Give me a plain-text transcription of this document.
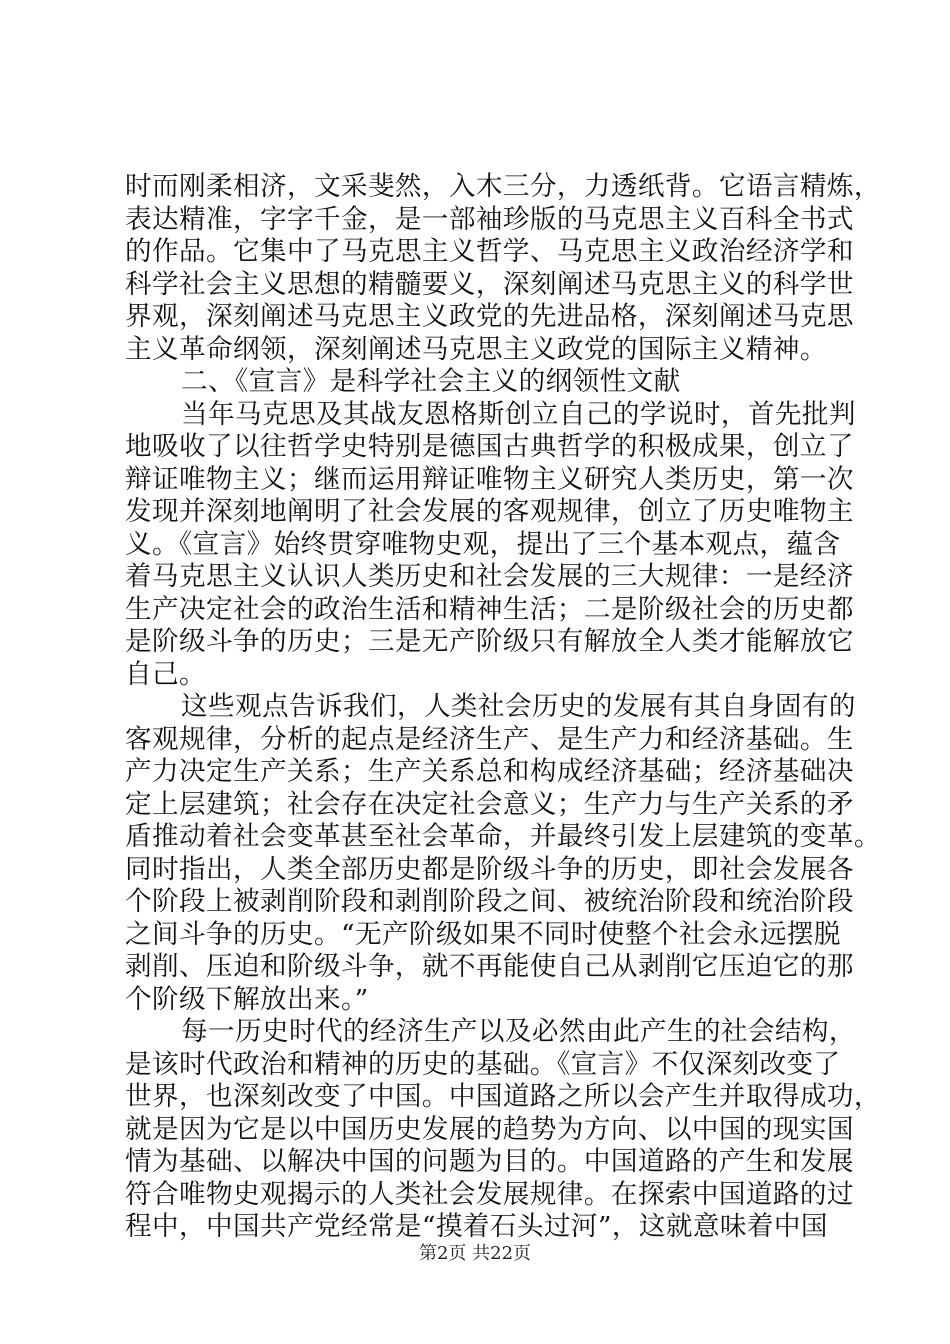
时而刚柔相济，文采斐然，入木三分，力透纸背。它语言精炼，
表达精准，字字千金，是一部袖珍版的马克思主义百科全书式
的作品。它集中了马克思主义哲学、马克思主义政治经济学和
科学社会主义思想的精髓要义，深刻阐述马克思主义的科学世
界观，深刻阐述马克思主义政党的先进品格，深刻阐述马克思
主义革命纲领，深刻阐述马克思主义政党的国际主义精神。
二、《宣言》是科学社会主义的纲领性文献
当年马克思及其战友恩格斯创立自己的学说时，首先批判
地吸收了以往哲学史特别是德国古典哲学的积极成果，创立了
辩证唯物主义；继而运用辩证唯物主义研究人类历史，第一次
发现并深刻地阐明了社会发展的客观规律，创立了历史唯物主
义。《宣言》始终贯穿唯物史观，提出了三个基本观点，蕴含
着马克思主义认识人类历史和社会发展的三大规律：一是经济
生产决定社会的政治生活和精神生活；二是阶级社会的历史都
是阶级斗争的历史；三是无产阶级只有解放全人类才能解放它
自己。
这些观点告诉我们，人类社会历史的发展有其自身固有的
客观规律，分析的起点是经济生产、是生产力和经济基础。生
产力决定生产关系；生产关系总和构成经济基础；经济基础决
定上层建筑；社会存在决定社会意义；生产力与生产关系的矛
盾推动着社会变革甚至社会革命，并最终引发上层建筑的变革。
同时指出，人类全部历史都是阶级斗争的历史，即社会发展各
个阶段上被剥削阶段和剥削阶段之间、被统治阶段和统治阶段
之间斗争的历史。“无产阶级如果不同时使整个社会永远摆脱
剥削、压迫和阶级斗争，就不再能使自己从剥削它压迫它的那
个阶级下解放出来。”
每一历史时代的经济生产以及必然由此产生的社会结构，
是该时代政治和精神的历史的基础。《宣言》不仅深刻改变了
世界，也深刻改变了中国。中国道路之所以会产生并取得成功，
就是因为它是以中国历史发展的趋势为方向、以中国的现实国
情为基础、以解决中国的问题为目的。中国道路的产生和发展
符合唯物史观揭示的人类社会发展规律。在探索中国道路的过
程中，中国共产党经常是“摸着石头过河”，这就意味着中国
第2页 共22页
